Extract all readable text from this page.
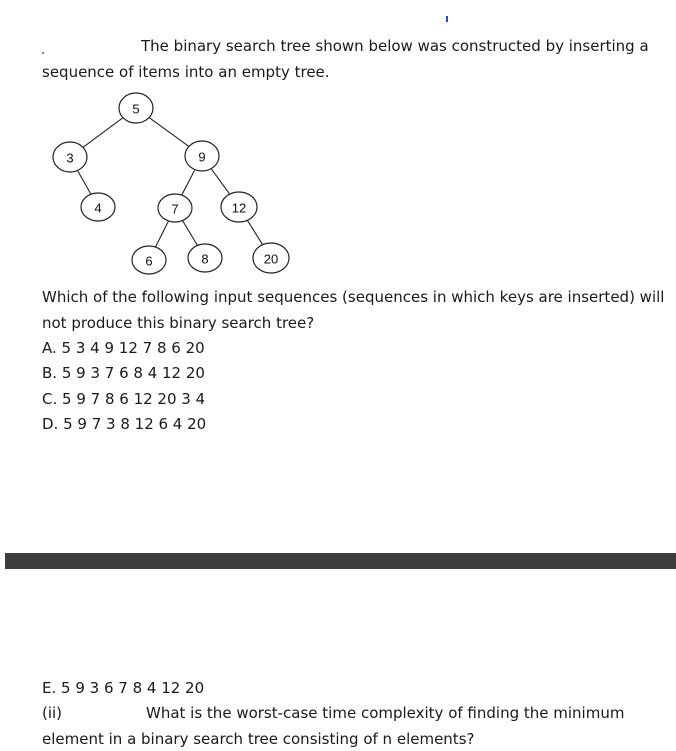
The binary search tree shown below was constructed by inserting a

sequence of items into an empty tree.

5
3	9
4	7	12
6	8	20

Which of the following input sequences (sequences in which keys are inserted) will

not produce this binary search tree?

A. 5 3 4 9 12 7 8 6 20

B. 5 9 3 7 6 8 4 12 20

C. 5 9 7 8 6 12 20 3 4

D. 5 9 7 3 8 12 6 4 20

E. 5 9 3 6 7 8 4 12 20

(ii)	What is the worst-case time complexity of finding the minimum

element in a binary search tree consisting of n elements?
